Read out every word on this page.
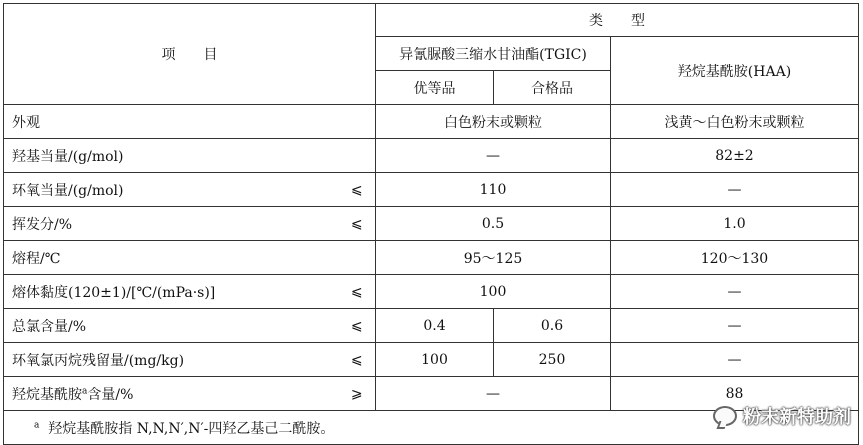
项　　目		类　　型		
		异氰脲酸三缩水甘油酯(TGIC)		羟烷基酰胺(HAA)
		优等品	合格品	
外观		白色粉末或颗粒		浅黄～白色粉末或颗粒
羟基当量/(g/mol)		—		82±2
环氧当量/(g/mol)	⩽	110		—
挥发分/%	⩽	0.5		1.0
熔程/℃		95～125		120～130
熔体黏度(120±1)/[℃/(mPa·s)]	⩽	100		—
总氯含量/%	⩽	0.4	0.6	—
环氧氯丙烷残留量/(mg/kg)	⩽	100	250	—
羟烷基酰胺$^a$含量/%	⩾	—		88
$^a$ 羟烷基酰胺指 N,N,N′,N′-四羟乙基己二酰胺。				
粉末新特助剂
